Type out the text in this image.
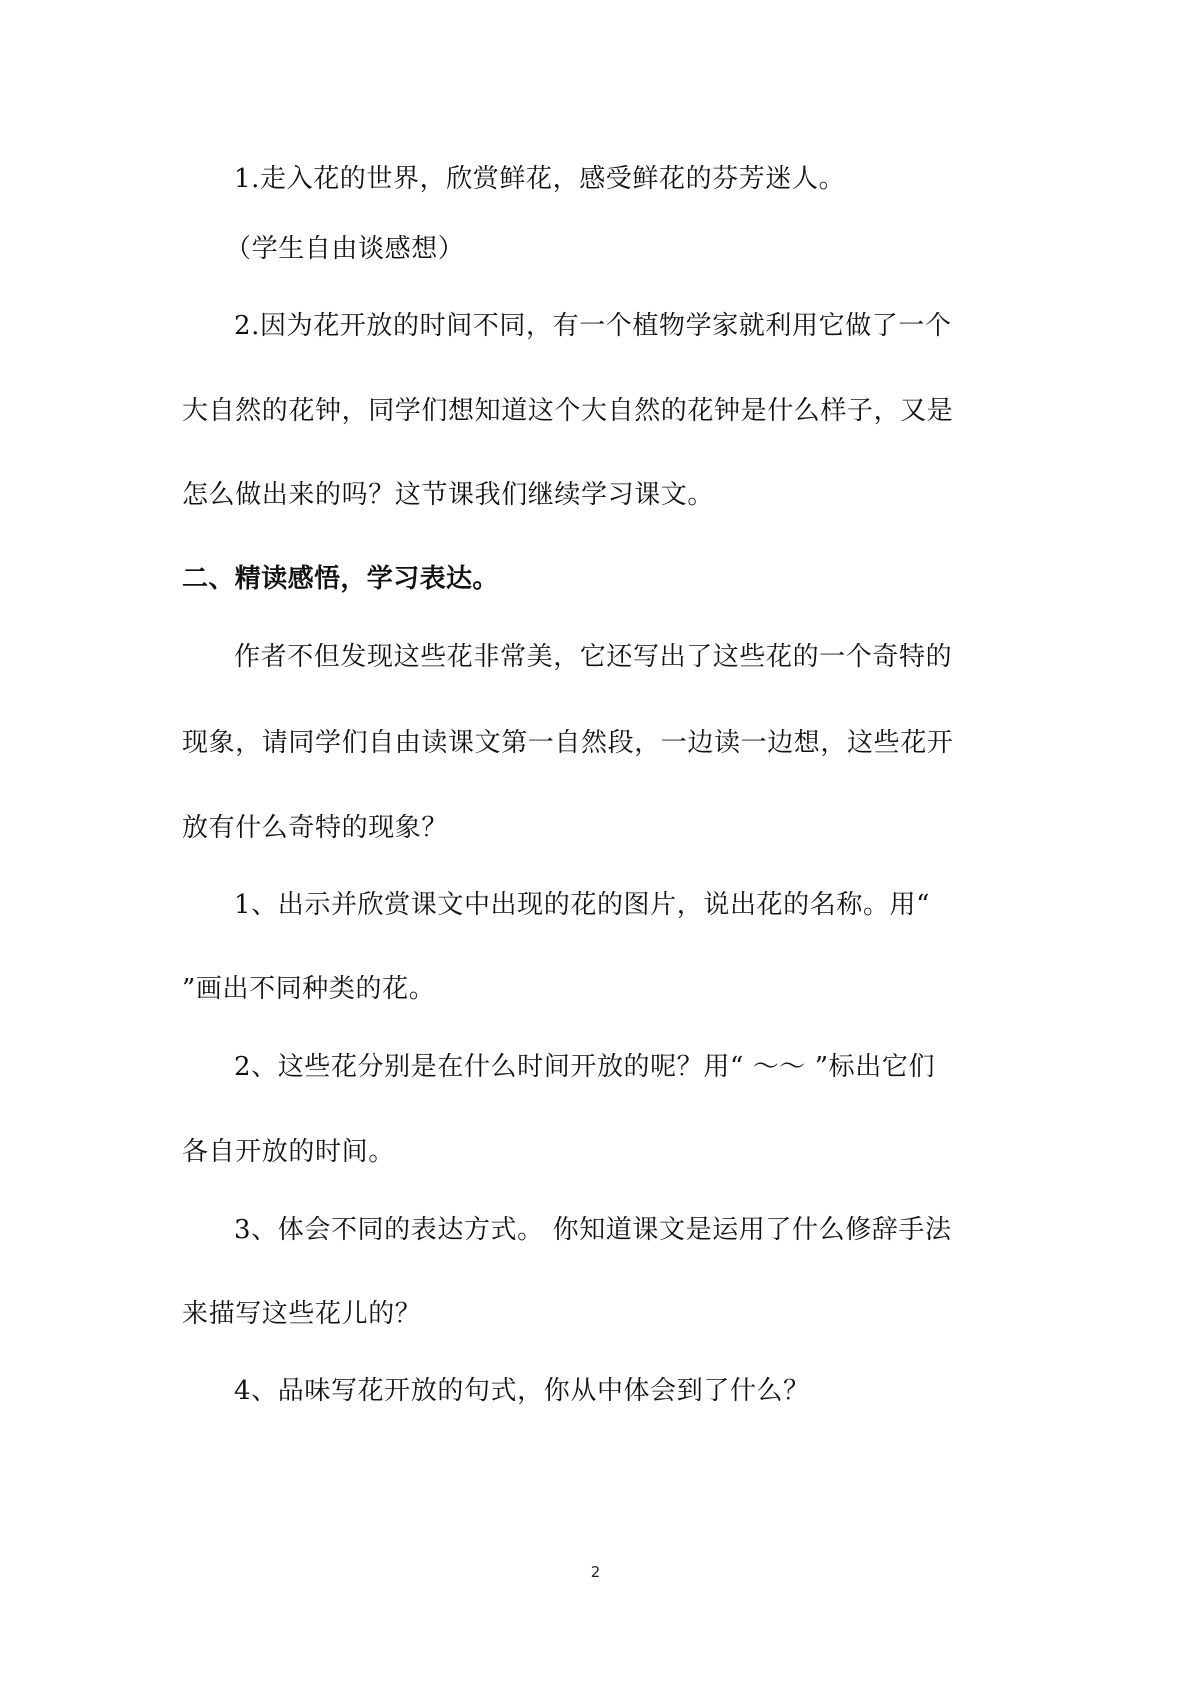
1.走入花的世界，欣赏鲜花，感受鲜花的芬芳迷人。
（学生自由谈感想）
2.因为花开放的时间不同，有一个植物学家就利用它做了一个
大自然的花钟，同学们想知道这个大自然的花钟是什么样子，又是
怎么做出来的吗？这节课我们继续学习课文。
二、精读感悟，学习表达。
作者不但发现这些花非常美，它还写出了这些花的一个奇特的
现象，请同学们自由读课文第一自然段，一边读一边想，这些花开
放有什么奇特的现象？
1、出示并欣赏课文中出现的花的图片，说出花的名称。用“
”画出不同种类的花。
2、这些花分别是在什么时间开放的呢？用“ ～～ ”标出它们
各自开放的时间。
3、体会不同的表达方式。 你知道课文是运用了什么修辞手法
来描写这些花儿的？
4、品味写花开放的句式，你从中体会到了什么？
2
